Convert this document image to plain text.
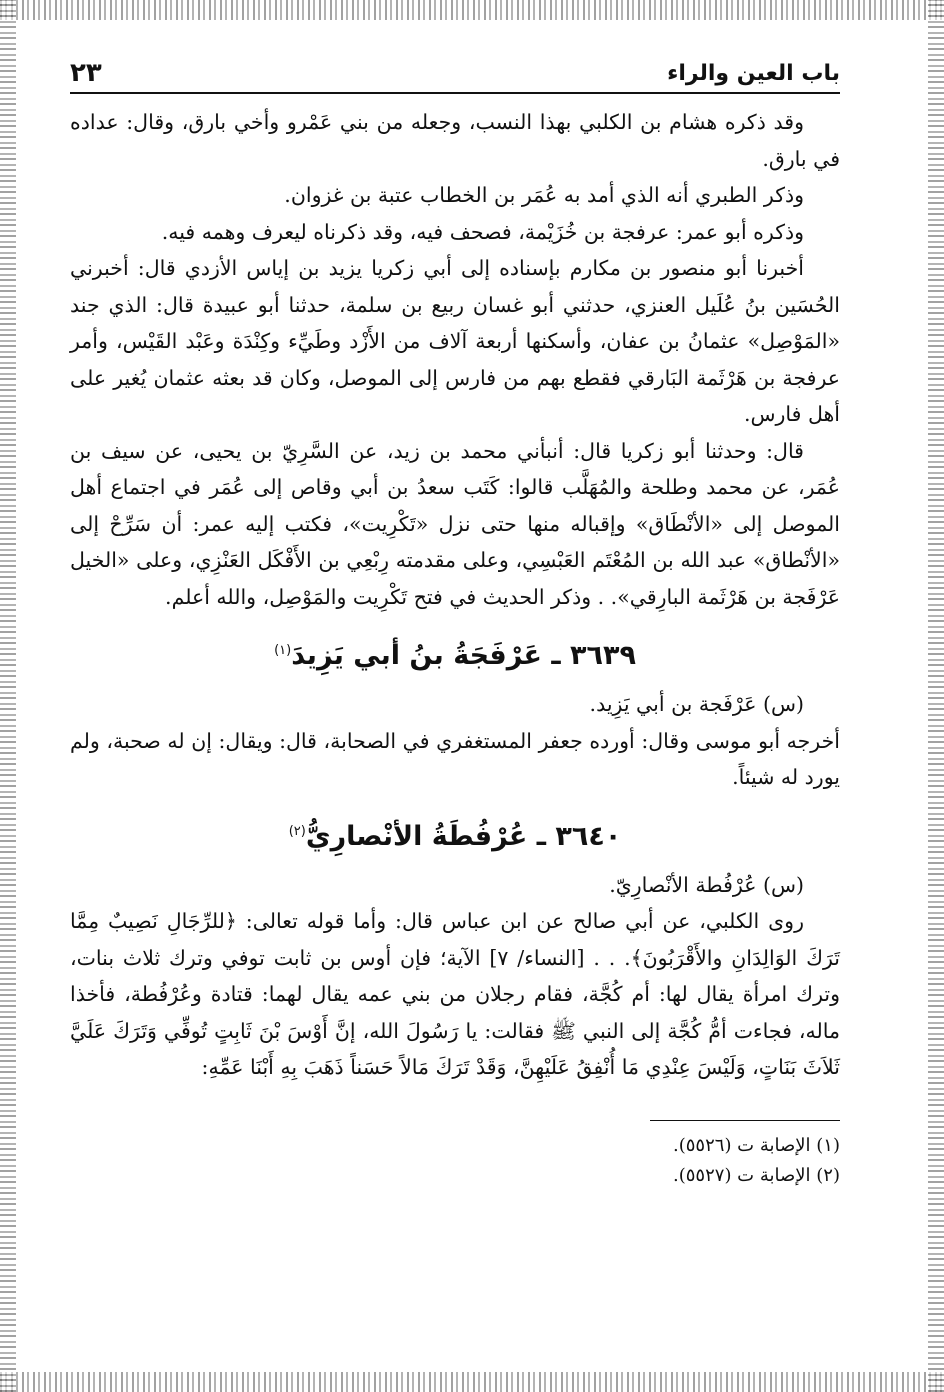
باب العين والراء
٢٣

وقد ذكره هشام بن الكلبي بهذا النسب، وجعله من بني عَمْرو وأخي بارق، وقال: عداده في بارق.

وذكر الطبري أنه الذي أمد به عُمَر بن الخطاب عتبة بن غزوان.

وذكره أبو عمر: عرفجة بن خُزَيْمة، فصحف فيه، وقد ذكرناه ليعرف وهمه فيه.

أخبرنا أبو منصور بن مكارم بإسناده إلى أبي زكريا يزيد بن إياس الأزدي قال: أخبرني الحُسَين بنُ عُلَيل العنزي، حدثني أبو غسان ربيع بن سلمة، حدثنا أبو عبيدة قال: الذي جند «المَوْصِل» عثمانُ بن عفان، وأسكنها أربعة آلاف من الأَزْد وطَيِّء وكِنْدَة وعَبْد القَيْس، وأمر عرفجة بن هَرْثَمة البَارقي فقطع بهم من فارس إلى الموصل، وكان قد بعثه عثمان يُغير على أهل فارس.

قال: وحدثنا أبو زكريا قال: أنبأني محمد بن زيد، عن السَّرِيّ بن يحيى، عن سيف بن عُمَر، عن محمد وطلحة والمُهَلَّب قالوا: كَتَب سعدُ بن أبي وقاص إلى عُمَر في اجتماع أهل الموصل إلى «الأنْطَاق» وإقباله منها حتى نزل «تَكْرِيت»، فكتب إليه عمر: أن سَرِّحْ إلى «الأنْطاق» عبد الله بن المُعْتَم العَبْسِي، وعلى مقدمته رِبْعِي بن الأَفْكَل العَنْزِي، وعلى «الخيل عَرْفَجة بن هَرْثَمة البارِقي». . وذكر الحديث في فتح تَكْرِيت والمَوْصِل، والله أعلم.

٣٦٣٩ ـ عَرْفَجَةُ بنُ أبي يَزِيدَ$^{(١)}$

(س) عَرْفَجة بن أبي يَزِيد.

أخرجه أبو موسى وقال: أورده جعفر المستغفري في الصحابة، قال: ويقال: إن له صحبة، ولم يورد له شيئاً.

٣٦٤٠ ـ عُرْفُطَةُ الأنْصارِيُّ$^{(٢)}$

(س) عُرْفُطة الأنْصارِيّ.

روى الكلبي، عن أبي صالح عن ابن عباس قال: وأما قوله تعالى: ﴿للرِّجَالِ نَصِيبٌ مِمَّا تَرَكَ الوَالِدَانِ والأَقْرَبُونَ﴾. . . [النساء/ ٧] الآية؛ فإن أوس بن ثابت توفي وترك ثلاث بنات، وترك امرأة يقال لها: أم كُجَّة، فقام رجلان من بني عمه يقال لهما: قتادة وعُرْفُطة، فأخذا ماله، فجاءت أمُّ كُجَّة إلى النبي ﷺ فقالت: يا رَسُولَ الله، إنَّ أَوْسَ بْنَ ثَابِتٍ تُوفِّي وَتَرَكَ عَلَيَّ ثَلاَثَ بَنَاتٍ، وَلَيْسَ عِنْدِي مَا أُنْفِقُ عَلَيْهِنَّ، وَقَدْ تَرَكَ مَالاً حَسَناً ذَهَبَ بِهِ أَبْنَا عَمِّهِ:

(١) الإصابة ت (٥٥٢٦).
(٢) الإصابة ت (٥٥٢٧).
